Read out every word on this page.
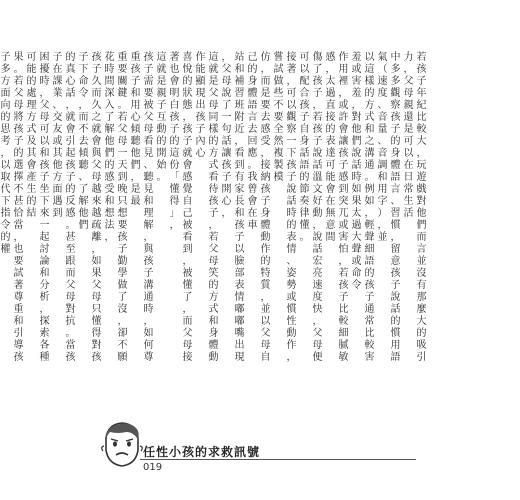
若
孩
子
年
紀
比
較
大
，
玩
遊
戲
對
他
們
而
言
並
沒
有
那
麼
大
的
吸
引
力
，
父
母
親
還
是
可
以
在
日
常
生
活
中
多
多
觀
察
孩
子
的
身
體
語
言
、
習
慣
，
留
意
孩
子
說
話
的
慣
用
語
氣
（
速
度
、
音
量
、
音
調
和
用
字
）
，
並
以
這
樣
的
方
式
和
之
溝
通
。
例
如
，
輕
聲
細
語
的
孩
子
通
常
比
較
害
羞
或
害
羞
，
對
他
們
說
話
時
如
果
太
過
大
聲
或
命
令
作
用
裡
，
或
許
會
讓
孩
子
感
到
突
兀
或
害
怕
，
若
孩
子
比
較
細
膩
敏
感
，
太
過
直
接
的
表
達
可
能
會
在
無
意
間
傷
了
孩
子
，
若
孩
子
說
話
溫
文
好
動
，
說
話
宏
亮
速
度
快
，
父
母
便
可
以
配
合
孩
子
自
身
話
語
的
節
奏
律
懂
。
接
著
，
可
以
觀
察
一
下
孩
子
說
話
時
的
表
情
、
姿
勢
或
慣
性
動
作
，
嘗
試
做
些
不
要
全
然
複
製
模
仿
，
而
是
要
去
感
受
，
接
納
孩
子
身
體
動
作
的
特
質
，
並
以
父
母
自
己
的
身
體
語
言
去
回
應
。
我
曾
會
在
車
站
和
補
習
班
附
近
，
看
到
有
家
長
和
孩
子
以
臉
部
表
情
嘟
嘟
嘴
出
現
，
父
母
說
了
一
句
話
讓
孩
子
開
心
，
這
就
是
父
母
同
樣
的
方
式
看
待
孩
子
，
若
父
母
笑
的
方
式
和
身
體
動
作
能
顯
現
出
孩
子
內
心
喜
悅
的
狀
態
，
孩
子
就
會
感
覺
自
己
被
看
到
，
被
懂
了
，
而
父
母
接
著
也
會
明
白
孩
子
的
這
份
「
懂
得
」
，
這
就
是
親
子
互
動
的
開
始
。
孩
子
需
要
被
父
母
看
見
、
聽
見
和
理
解
，
與
孩
子
溝
通
時
，
如
何
尊
重
孩
子
和
用
心
傾
聽
他
們
，
是
最
重
要
關
鍵
。
若
父
母
一
天
到
晚
只
想
要
孩
子
勤
學
做
了
沒
，
卻
不
願
花
時
間
深
入
了
解
他
們
的
感
受
和
想
法
，
孩
子
久
而
久
之
就
會
與
父
母
越
來
越
疏
離
，
如
果
父
母
只
懂
得
對
孩
子
下
命
令
，
而
不
去
傾
聽
、
了
解
他
們
的
真
心
話
，
就
會
引
起
孩
子
的
反
感
。
甚
至
跟
而
父
母
對
抗
。
當
孩
子
在
課
業
、
交
友
或
其
他
方
面
遇
到
困
擾
時
，
父
母
可
以
和
孩
子
坐
下
來
一
起
討
論
和
分
析
，
探
索
各
種
可
能
的
處
理
方
式
及
其
會
產
生
的
結
果
。
若
父
母
將
孩
子
的
選
擇
不
甚
恰
當
，
也
要
試
著
尊
重
和
引
導
孩
子
多
方
面
向
的
思
考
，
以
取
代
下
指
令
的
權
任性小孩的求救訊號
019
